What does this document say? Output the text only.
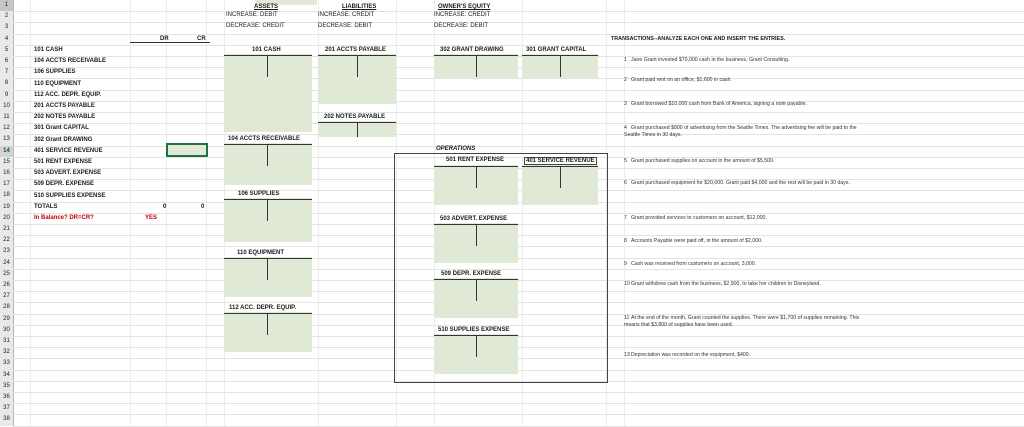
1
2
3
4
5
6
7
8
9
10
11
12
13
14
15
16
17
18
19
20
21
22
23
24
25
26
27
28
29
30
31
32
33
34
35
36
37
38
ASSETS
INCREASE: DEBIT
DECREASE: CREDIT
LIABILITIES
INCREASE: CREDIT
DECREASE: DEBIT
OWNER'S EQUITY
INCREASE: CREDIT
DECREASE: DEBIT
DR	CR
101 CASH
104 ACCTS RECEIVABLE
106 SUPPLIES
110 EQUIPMENT
112 ACC. DEPR. EQUIP.
201 ACCTS PAYABLE
202 NOTES PAYABLE
301 Grant CAPITAL
302 Grant DRAWING
401 SERVICE REVENUE
501 RENT EXPENSE
503 ADVERT. EXPENSE
509 DEPR. EXPENSE
510 SUPPLIES EXPENSE
TOTALS	0	0
In Balance? DR=CR?	YES
101 CASH
104 ACCTS RECEIVABLE
106 SUPPLIES
110 EQUIPMENT
112 ACC. DEPR. EQUIP.
201 ACCTS PAYABLE
202 NOTES PAYABLE
302 GRANT DRAWING	301 GRANT CAPITAL
OPERATIONS
501 RENT EXPENSE	401 SERVICE REVENUE
503 ADVERT. EXPENSE
509 DEPR. EXPENSE
510 SUPPLIES EXPENSE
TRANSACTIONS--ANALYZE EACH ONE AND INSERT THE ENTRIES.
1 Jane Grant invested $70,000 cash in the business, Grant Consulting.
2 Grant paid rent on an office, $1,600 in cash.
3 Grant borrowed $10,000 cash from Bank of America, signing a note payable.
4 Grant purchased $800 of advertising from the Seattle Times. The advertising fee will be paid to the Seattle Times in 30 days.
5 Grant purchased supplies on account in the amount of $5,500.
6 Grant purchased equipment for $20,000. Grant paid $4,000 and the rest will be paid in 30 days.
7 Grant provided services to customers on account, $12,000.
8 Accounts Payable were paid off, in the amount of $2,000.
9 Cash was received from customers on account, 3,000.
10Grant withdrew cash from the business, $2,900, to take her children to Disneyland.
11 At the end of the month, Grant counted the supplies. There were $1,700 of supplies remaining. This means that $3,800 of supplies have been used.
13Depreciation was recorded on the equipment, $400.
